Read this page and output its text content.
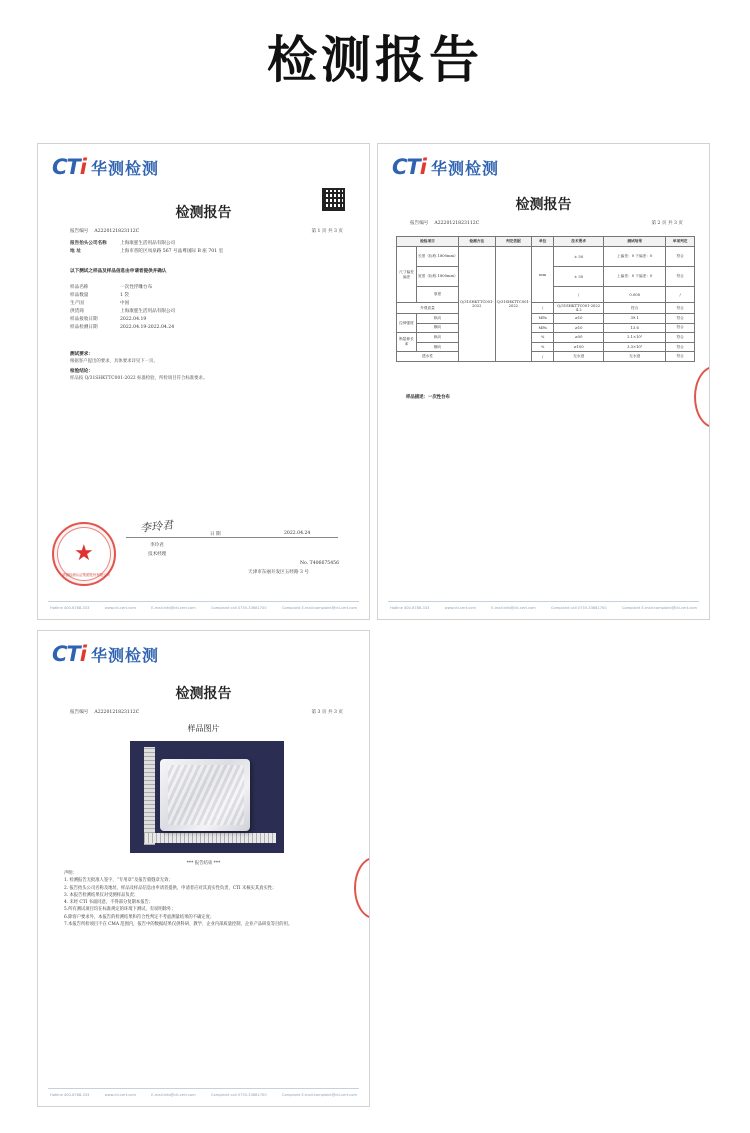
检测报告
CTi 华测检测
检测报告
报告编号 A2220121823112C	第 1 页 共 3 页
报告抬头公司名称	上海康霆生活用品有限公司
地 址	上海市普陀区凤泉路 567 号晶尊国际 B 座 701 室
以下测试之样品及样品信息由申请者提供并确认
样品名称	一次性浮雕台布
样品数量	1 袋
生产国	中国
供货商	上海康霆生活用品有限公司
样品接收日期	2022.04.19
样品检测日期	2022.04.19-2022.04.24
测试要求：
根据客户提出的要求，具体要求详见下一页。
检验结论：
样品按 Q/31SHKTTC001-2022 标准检验，所检项目符合标准要求。
李玲君	日 期	2022.04.24
李玲君
技术经理
No. T406675456
天津市东丽开发区五经路 3 号
★
华测检测认证集团股份有限公司
Hotline 400-6788-333	www.cti-cert.com	E-mail:info@cti-cert.com	Complaint call 0755-33681700	Complaint E-mail:complaint@cti-cert.com
CTi 华测检测
检测报告
报告编号 A2220121823112C	第 2 页 共 3 页
检验项目		检测方法	判定依据	单位	技术要求	测试结果	单项判定
尺寸偏差偏差	长度（标称 1800mm）	Q/31SHKTTC001-2022	Q/31SHKTTC001-2022	mm	± 50	上偏差：0 下偏差：0	符合
	宽度（标称 1800mm）				± 50	上偏差：0 下偏差：0	符合
	厚度				/	0.008	/
外观质量				/	Q/31SHKTTC001-2022 4.2	符合	符合
拉伸强度	纵向			MPa	≥10	39.1	符合
	横向			MPa	≥10	13.6	符合
断裂伸长率	纵向			%	≥50	2.1×10²	符合
	横向			%	≥100	3.3×10²	符合
透水性				/	无水迹	无水迹	符合
样品描述：一次性台布
Hotline 400-6788-333	www.cti-cert.com	E-mail:info@cti-cert.com	Complaint call 0755-33681700	Complaint E-mail:complaint@cti-cert.com
CTi 华测检测
检测报告
报告编号 A2220121823112C	第 3 页 共 3 页
样品图片
*** 报告结束 ***
声明：
1. 检测报告无批准人签字、“专用章”及报告骑缝章无效；
2. 报告抬头公司名称及地址、样品及样品信息由申请者提供，申请者应对其真实性负责，CTI 未核实其真实性；
3. 本报告检测结果仅对受测样品负责；
4. 未经 CTI 书面同意，不得部分复制本报告；
5.所有测试项目均在标准规定的环境下测试，有说明除外；
6.除客户要求外，本报告的检测结果和符合性判定不考虑测量结果的不确定度；
7.本报告所检项目不在 CMA 范围内，报告中的数据结果仅供科研、教学、企业内部质量控制，企业产品研发等目的用。
Hotline 400-6788-333	www.cti-cert.com	E-mail:info@cti-cert.com	Complaint call 0755-33681700	Complaint E-mail:complaint@cti-cert.com
